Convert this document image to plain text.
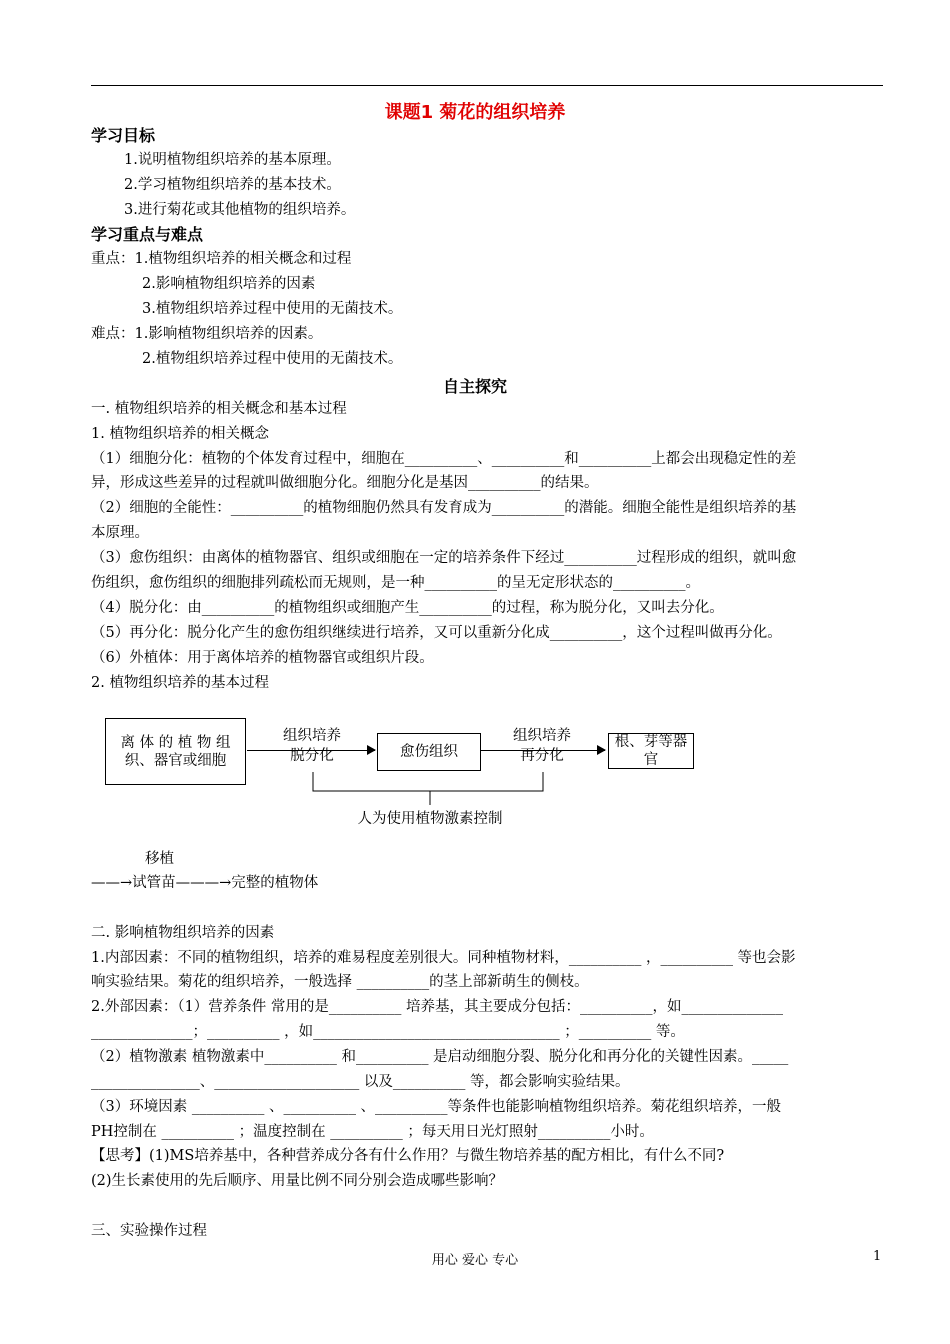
课题1 菊花的组织培养
学习目标
1.说明植物组织培养的基本原理。
2.学习植物组织培养的基本技术。
3.进行菊花或其他植物的组织培养。
学习重点与难点
重点：1.植物组织培养的相关概念和过程
2.影响植物组织培养的因素
3.植物组织培养过程中使用的无菌技术。
难点：1.影响植物组织培养的因素。
2.植物组织培养过程中使用的无菌技术。
自主探究
一. 植物组织培养的相关概念和基本过程
1. 植物组织培养的相关概念
（1）细胞分化：植物的个体发育过程中，细胞在__________、__________和__________上都会出现稳定性的差
异，形成这些差异的过程就叫做细胞分化。细胞分化是基因__________的结果。
（2）细胞的全能性：__________的植物细胞仍然具有发育成为__________的潜能。细胞全能性是组织培养的基
本原理。
（3）愈伤组织：由离体的植物器官、组织或细胞在一定的培养条件下经过__________过程形成的组织，就叫愈
伤组织，愈伤组织的细胞排列疏松而无规则，是一种__________的呈无定形状态的__________。
（4）脱分化：由__________的植物组织或细胞产生__________的过程，称为脱分化，又叫去分化。
（5）再分化：脱分化产生的愈伤组织继续进行培养，又可以重新分化成__________，这个过程叫做再分化。
（6）外植体：用于离体培养的植物器官或组织片段。
2. 植物组织培养的基本过程
离 体 的 植 物 组织、器官或细胞
组织培养
脱分化	愈伤组织
组织培养
再分化
根、芽等器官
人为使用植物激素控制
移植
——→试管苗———→完整的植物体
二. 影响植物组织培养的因素
1.内部因素：不同的植物组织，培养的难易程度差别很大。同种植物材料，__________ ，__________ 等也会影
响实验结果。菊花的组织培养，一般选择 __________的茎上部新萌生的侧枝。
2.外部因素：（1）营养条件 常用的是__________ 培养基，其主要成分包括：__________，如______________
______________；__________ ，如__________________________________ ；__________ 等。
（2）植物激素 植物激素中__________ 和__________ 是启动细胞分裂、脱分化和再分化的关键性因素。_____
_______________、____________________ 以及__________ 等，都会影响实验结果。
（3）环境因素 __________ 、__________ 、__________等条件也能影响植物组织培养。菊花组织培养，一般
PH控制在 __________ ；温度控制在 __________ ；每天用日光灯照射__________小时。
【思考】(1)MS培养基中，各种营养成分各有什么作用？与微生物培养基的配方相比，有什么不同?
(2)生长素使用的先后顺序、用量比例不同分别会造成哪些影响？
三、实验操作过程
用心 爱心 专心	1
